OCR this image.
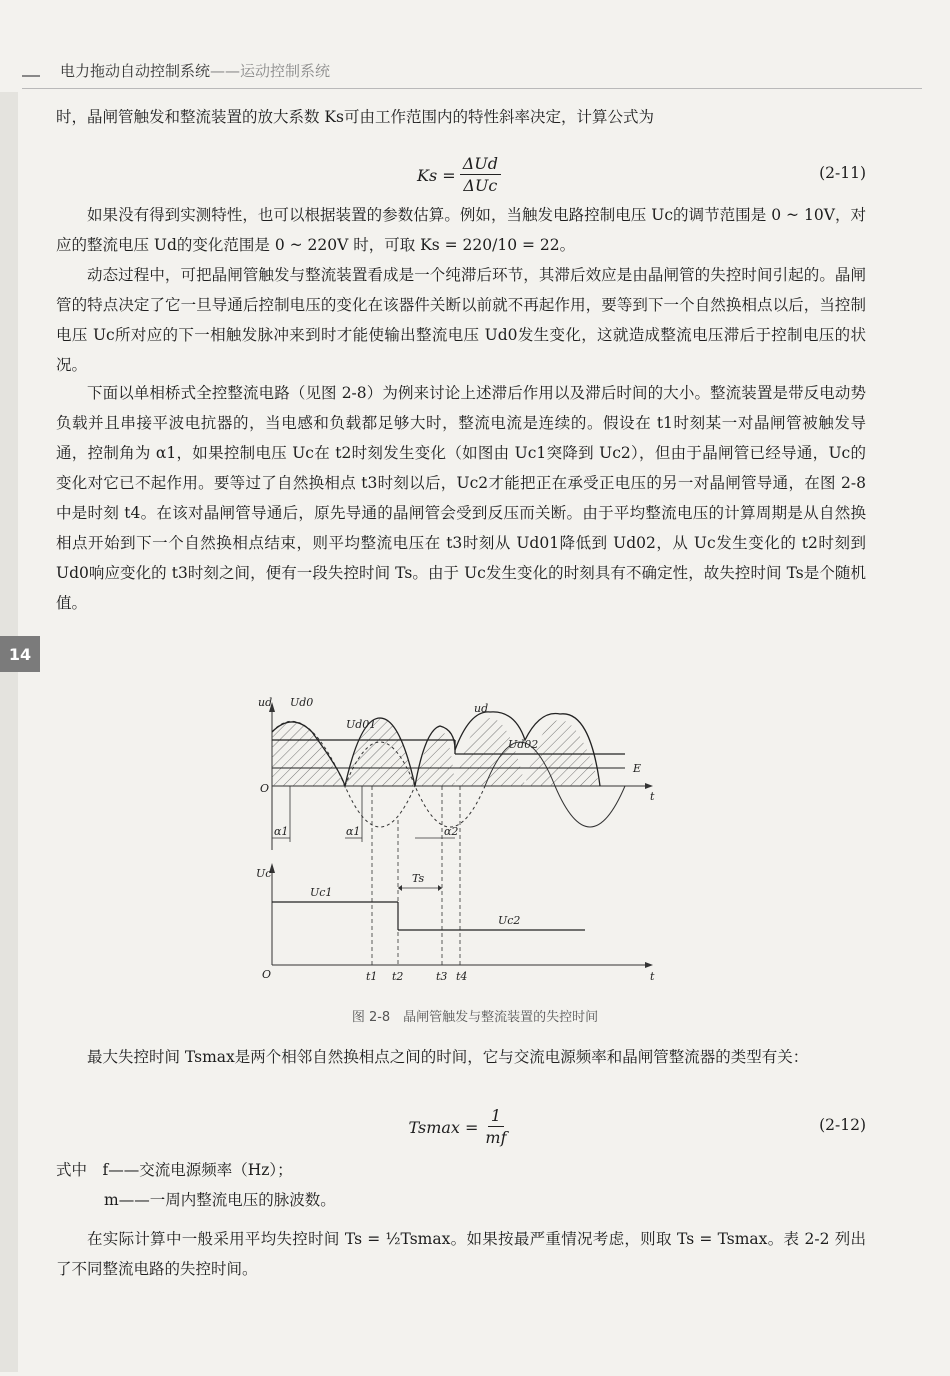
电力拖动自动控制系统——运动控制系统
14

时，晶闸管触发和整流装置的放大系数 Ks可由工作范围内的特性斜率决定，计算公式为

$Ks = \frac{\text{ΔUd}}{\text{ΔUc}}$	(2-11)

如果没有得到实测特性，也可以根据装置的参数估算。例如，当触发电路控制电压 Uc的调节范围是 0 ~ 10V，对应的整流电压 Ud的变化范围是 0 ~ 220V 时，可取 Ks = 220/10 = 22。

动态过程中，可把晶闸管触发与整流装置看成是一个纯滞后环节，其滞后效应是由晶闸管的失控时间引起的。晶闸管的特点决定了它一旦导通后控制电压的变化在该器件关断以前就不再起作用，要等到下一个自然换相点以后，当控制电压 Uc所对应的下一相触发脉冲来到时才能使输出整流电压 Ud0发生变化，这就造成整流电压滞后于控制电压的状况。

下面以单相桥式全控整流电路（见图 2-8）为例来讨论上述滞后作用以及滞后时间的大小。整流装置是带反电动势负载并且串接平波电抗器的，当电感和负载都足够大时，整流电流是连续的。假设在 t1时刻某一对晶闸管被触发导通，控制角为 α1，如果控制电压 Uc在 t2时刻发生变化（如图由 Uc1突降到 Uc2），但由于晶闸管已经导通，Uc的变化对它已不起作用。要等过了自然换相点 t3时刻以后，Uc2才能把正在承受正电压的另一对晶闸管导通，在图 2-8 中是时刻 t4。在该对晶闸管导通后，原先导通的晶闸管会受到反压而关断。由于平均整流电压的计算周期是从自然换相点开始到下一个自然换相点结束，则平均整流电压在 t3时刻从 Ud01降低到 Ud02，从 Uc发生变化的 t2时刻到 Ud0响应变化的 t3时刻之间，便有一段失控时间 Ts。由于 Uc发生变化的时刻具有不确定性，故失控时间 Ts是个随机值。

ud Ud0
Ud01
ud
Ud02
E
O
t
α1	α1	α2
Uc	Ts
Uc1
Uc2
O	t1 t2	t3 t4	t
图 2-8　晶闸管触发与整流装置的失控时间

最大失控时间 Tsmax是两个相邻自然换相点之间的时间，它与交流电源频率和晶闸管整流器的类型有关：

$Tsmax = \frac{1}{mf}$	(2-12)
式中　f——交流电源频率（Hz）；
m——一周内整流电压的脉波数。

在实际计算中一般采用平均失控时间 Ts = ½Tsmax。如果按最严重情况考虑，则取 Ts = Tsmax。表 2-2 列出了不同整流电路的失控时间。
